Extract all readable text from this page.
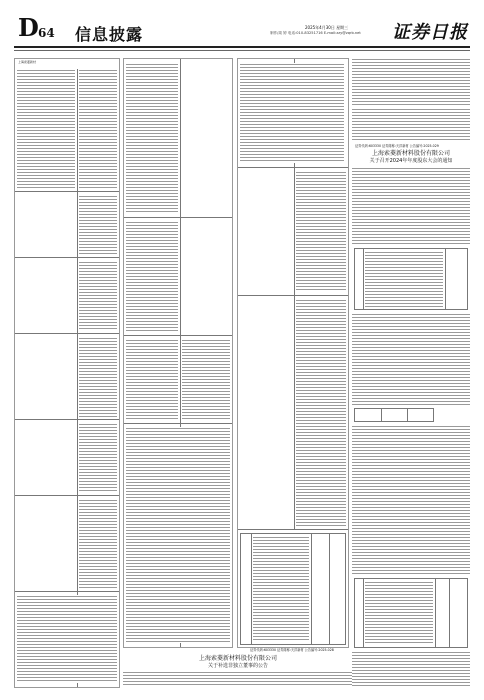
D 64 信息披露	2025年4月30日 星期三
制作/周 婷 电话:010-83251716 E-mail:zzy@zqrb.net 证券日报
上海索菱新材
证券代码:603330 证券简称:天洋新材 公告编号:2025-028
上海索菱新材料股份有限公司
关于补选非独立董事的公告
证券代码:603330 证券简称:天洋新材 公告编号:2025-029
上海索菱新材料股份有限公司
关于召开2024年年度股东大会的通知
